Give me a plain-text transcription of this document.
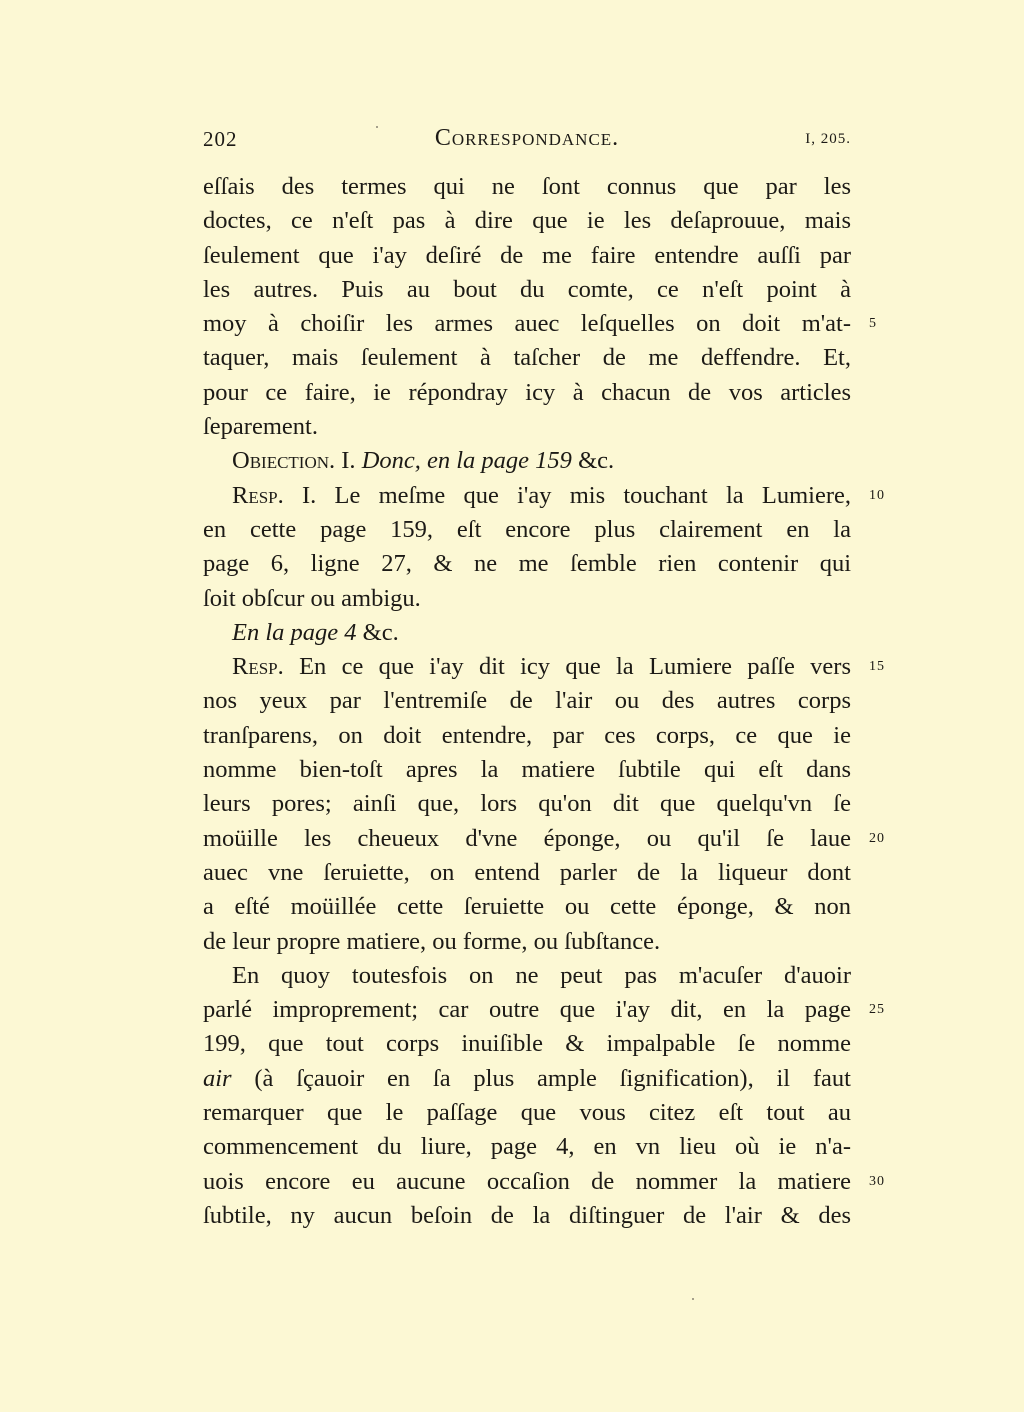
202	Correspondance.	I, 205.
eſſais des termes qui ne ſont connus que par les
doctes, ce n'eſt pas à dire que ie les deſaprouue, mais
ſeulement que i'ay deſiré de me faire entendre auſſi par
les autres. Puis au bout du comte, ce n'eſt point à
moy à choiſir les armes auec leſquelles on doit m'at- 5
taquer, mais ſeulement à taſcher de me deffendre. Et,
pour ce faire, ie répondray icy à chacun de vos articles
ſeparement.
Obiection. I. Donc, en la page 159 &c.
Resp. I. Le meſme que i'ay mis touchant la Lumiere, 10
en cette page 159, eſt encore plus clairement en la
page 6, ligne 27, & ne me ſemble rien contenir qui
ſoit obſcur ou ambigu.
En la page 4 &c.
Resp. En ce que i'ay dit icy que la Lumiere paſſe vers 15
nos yeux par l'entremiſe de l'air ou des autres corps
tranſparens, on doit entendre, par ces corps, ce que ie
nomme bien-toſt apres la matiere ſubtile qui eſt dans
leurs pores; ainſi que, lors qu'on dit que quelqu'vn ſe
moüille les cheueux d'vne éponge, ou qu'il ſe laue 20
auec vne ſeruiette, on entend parler de la liqueur dont
a eſté moüillée cette ſeruiette ou cette éponge, & non
de leur propre matiere, ou forme, ou ſubſtance.
En quoy toutesfois on ne peut pas m'acuſer d'auoir
parlé improprement; car outre que i'ay dit, en la page 25
199, que tout corps inuiſible & impalpable ſe nomme
air (à ſçauoir en ſa plus ample ſignification), il faut
remarquer que le paſſage que vous citez eſt tout au
commencement du liure, page 4, en vn lieu où ie n'a-
uois encore eu aucune occaſion de nommer la matiere 30
ſubtile, ny aucun beſoin de la diſtinguer de l'air & des
